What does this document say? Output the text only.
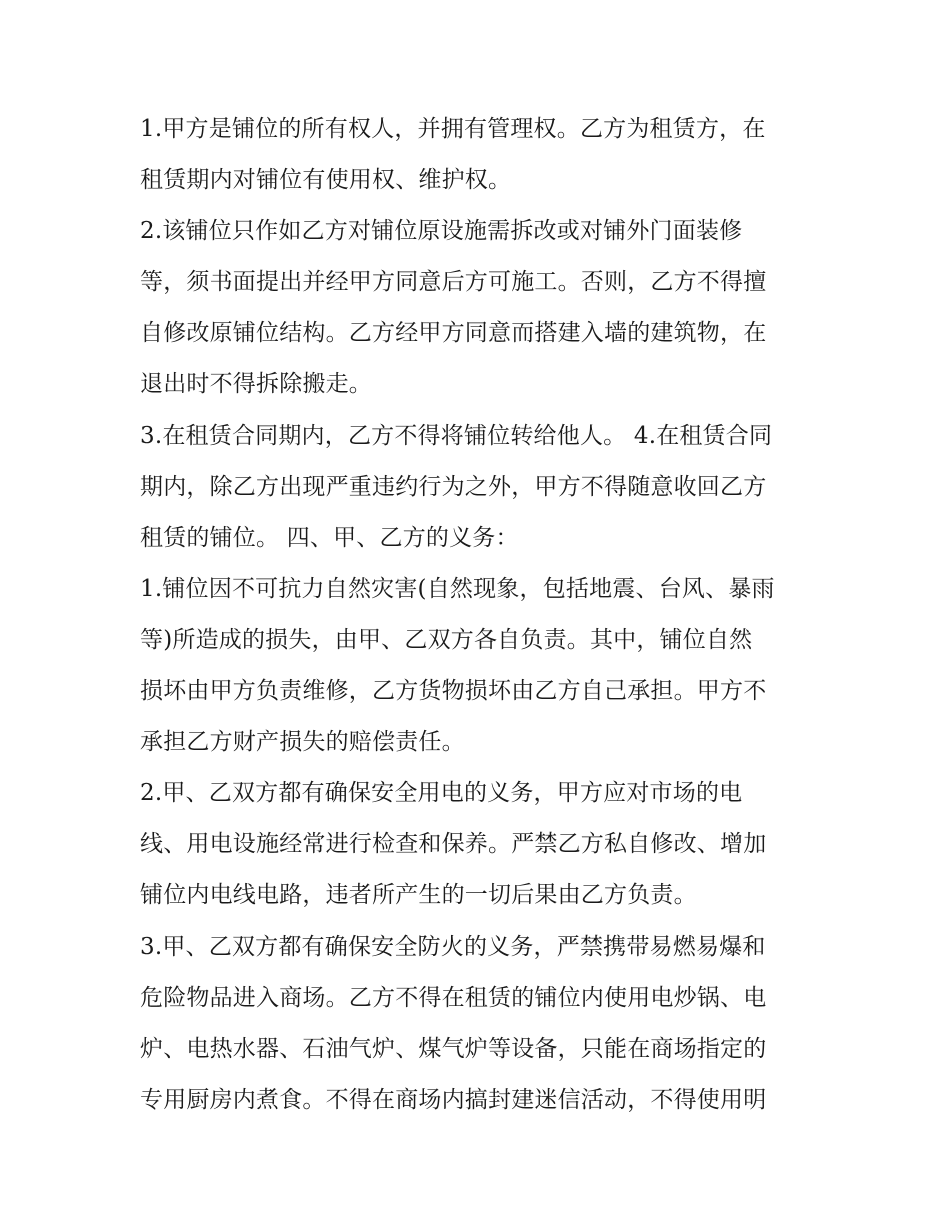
1.甲方是铺位的所有权人，并拥有管理权。乙方为租赁方，在
租赁期内对铺位有使用权、维护权。
2.该铺位只作如乙方对铺位原设施需拆改或对铺外门面装修
等，须书面提出并经甲方同意后方可施工。否则，乙方不得擅
自修改原铺位结构。乙方经甲方同意而搭建入墙的建筑物，在
退出时不得拆除搬走。
3.在租赁合同期内，乙方不得将铺位转给他人。 4.在租赁合同
期内，除乙方出现严重违约行为之外，甲方不得随意收回乙方
租赁的铺位。 四、甲、乙方的义务：
1.铺位因不可抗力自然灾害(自然现象，包括地震、台风、暴雨
等)所造成的损失，由甲、乙双方各自负责。其中，铺位自然
损坏由甲方负责维修，乙方货物损坏由乙方自己承担。甲方不
承担乙方财产损失的赔偿责任。
2.甲、乙双方都有确保安全用电的义务，甲方应对市场的电
线、用电设施经常进行检查和保养。严禁乙方私自修改、增加
铺位内电线电路，违者所产生的一切后果由乙方负责。
3.甲、乙双方都有确保安全防火的义务，严禁携带易燃易爆和
危险物品进入商场。乙方不得在租赁的铺位内使用电炒锅、电
炉、电热水器、石油气炉、煤气炉等设备，只能在商场指定的
专用厨房内煮食。不得在商场内搞封建迷信活动，不得使用明
